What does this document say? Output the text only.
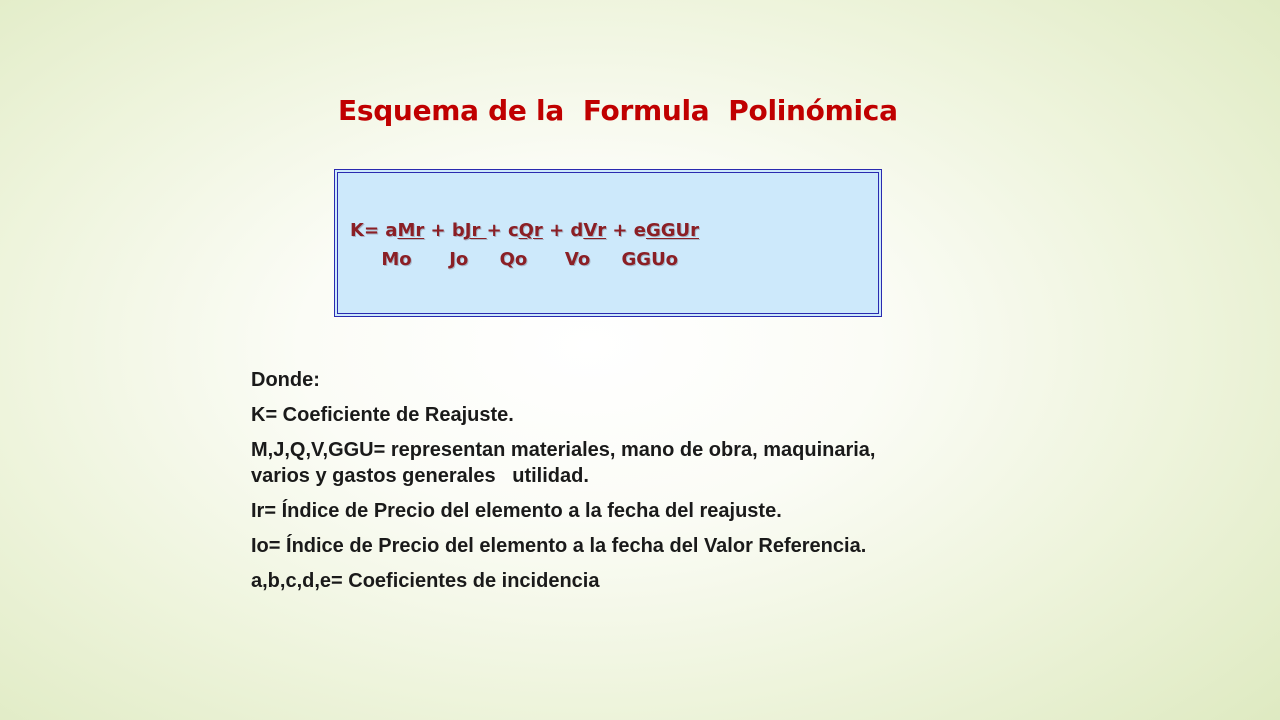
Esquema de la  Formula  Polinómica

K= aMr + bJr + cQr + dVr + eGGUr

Mo      Jo     Qo      Vo     GGUo

Donde:

K= Coeficiente de Reajuste.

M,J,Q,V,GGU= representan materiales, mano de obra, maquinaria, varios y gastos generales   utilidad.

Ir= Índice de Precio del elemento a la fecha del reajuste.

Io= Índice de Precio del elemento a la fecha del Valor Referencia.

a,b,c,d,e= Coeficientes de incidencia
